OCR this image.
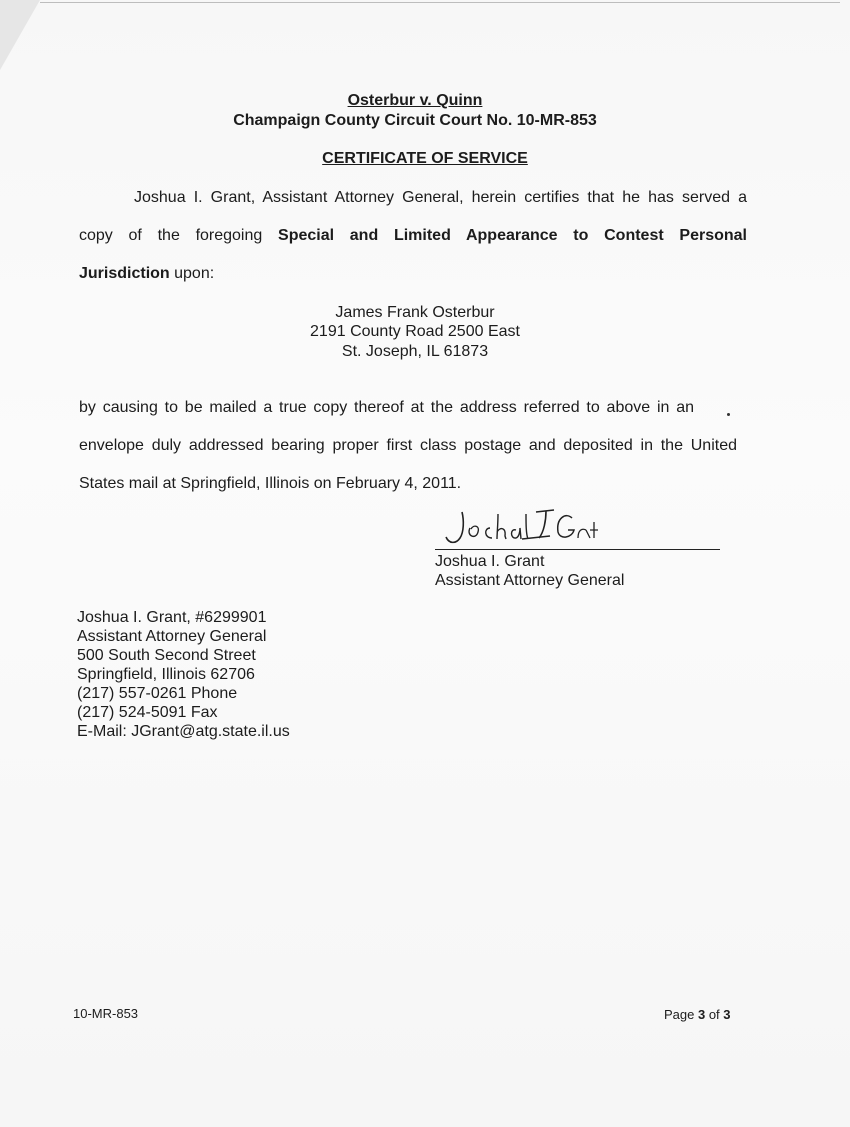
Osterbur v. Quinn
Champaign County Circuit Court No. 10-MR-853
CERTIFICATE OF SERVICE
Joshua I. Grant, Assistant Attorney General, herein certifies that he has served a
copy of the foregoing Special and Limited Appearance to Contest Personal
Jurisdiction upon:
James Frank Osterbur
2191 County Road 2500 East
St. Joseph, IL 61873
by causing to be mailed a true copy thereof at the address referred to above in an
envelope duly addressed bearing proper first class postage and deposited in the United
States mail at Springfield, Illinois on February 4, 2011.
Joshua I. Grant
Assistant Attorney General
Joshua I. Grant, #6299901
Assistant Attorney General
500 South Second Street
Springfield, Illinois 62706
(217) 557-0261 Phone
(217) 524-5091 Fax
E-Mail: JGrant@atg.state.il.us
10-MR-853	Page 3 of 3
